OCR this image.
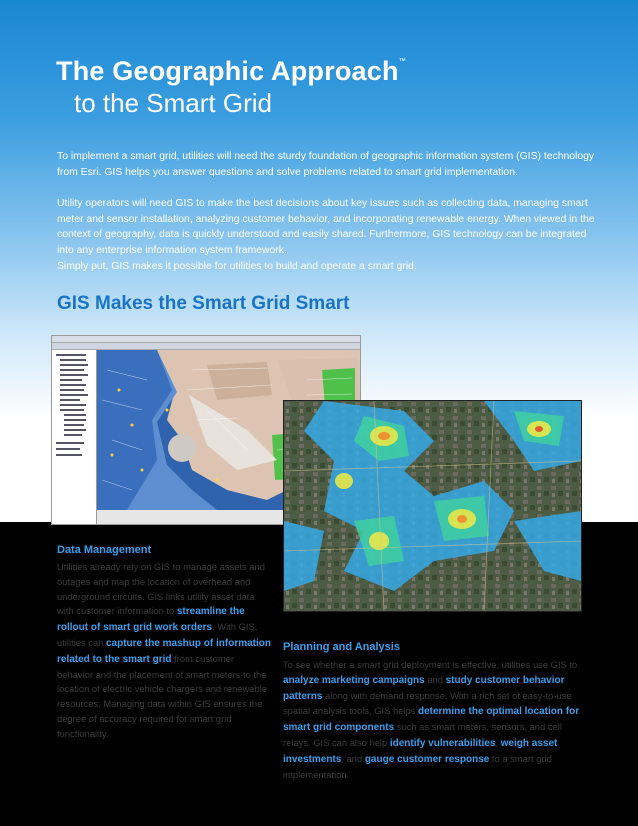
The Geographic Approach™
to the Smart Grid

To implement a smart grid, utilities will need the sturdy foundation of geographic information system (GIS) technology from Esri. GIS helps you answer questions and solve problems related to smart grid implementation.

Utility operators will need GIS to make the best decisions about key issues such as collecting data, managing smart meter and sensor installation, analyzing customer behavior, and incorporating renewable energy. When viewed in the context of geography, data is quickly understood and easily shared. Furthermore, GIS technology can be integrated into any enterprise information system framework.

Simply put, GIS makes it possible for utilities to build and operate a smart grid.

GIS Makes the Smart Grid Smart
Data Management

Utilities already rely on GIS to manage assets and outages and map the location of overhead and underground circuits. GIS links utility asset data with customer information to streamline the rollout of smart grid work orders. With GIS, utilities can capture the mashup of information related to the smart grid from customer behavior and the placement of smart meters to the location of electric vehicle chargers and renewable resources. Managing data within GIS ensures the degree of accuracy required for smart grid functionality.

Planning and Analysis

To see whether a smart grid deployment is effective, utilities use GIS to analyze marketing campaigns and study customer behavior patterns along with demand response. With a rich set of easy-to-use spatial analysis tools, GIS helps determine the optimal location for smart grid components such as smart meters, sensors, and cell relays. GIS can also help identify vulnerabilities, weigh asset investments, and gauge customer response to a smart grid implementation.
